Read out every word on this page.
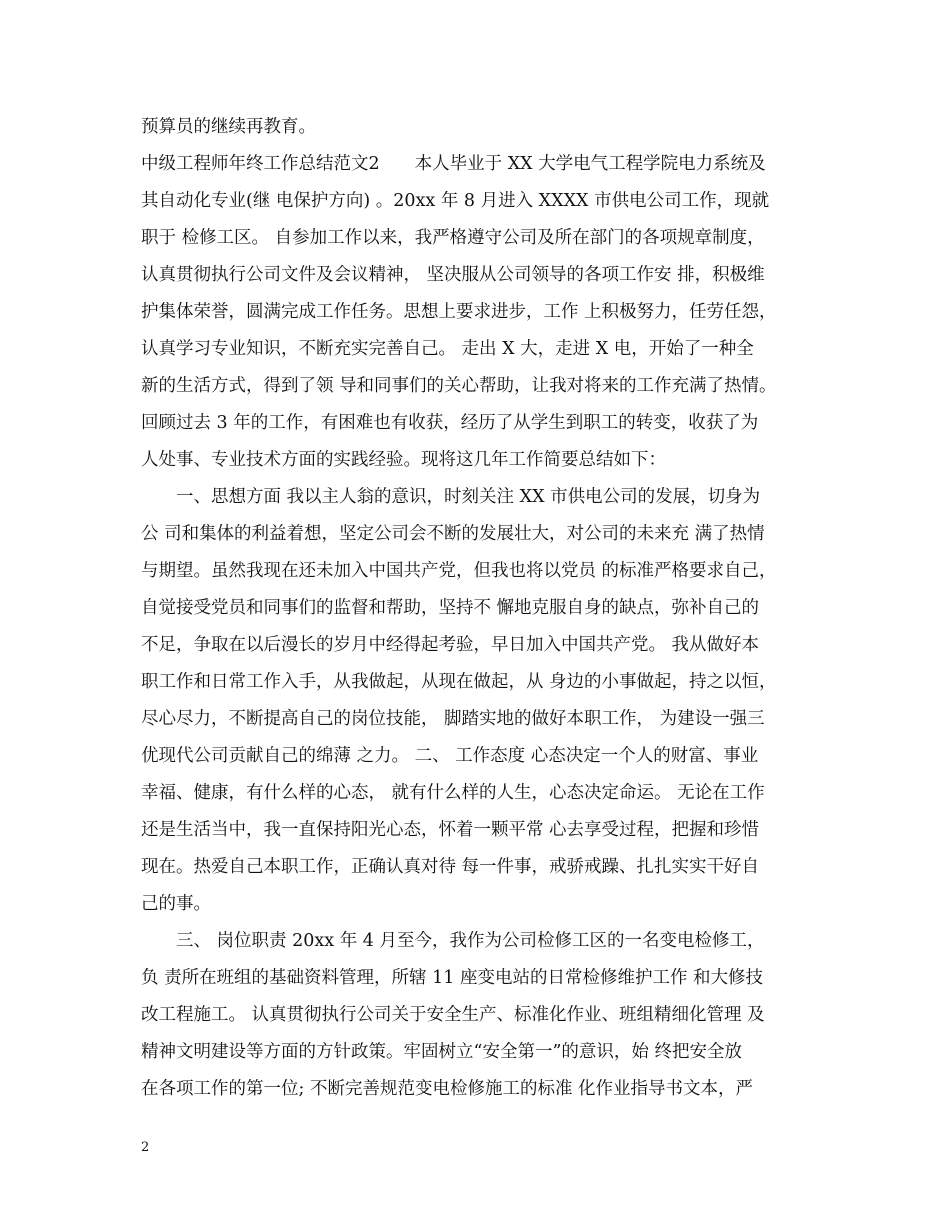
预算员的继续再教育。
中级工程师年终工作总结范文2　　本人毕业于 XX 大学电气工程学院电力系统及
其自动化专业(继 电保护方向) 。20xx 年 8 月进入 XXXX 市供电公司工作，现就
职于 检修工区。 自参加工作以来，我严格遵守公司及所在部门的各项规章制度，
认真贯彻执行公司文件及会议精神， 坚决服从公司领导的各项工作安 排，积极维
护集体荣誉，圆满完成工作任务。思想上要求进步，工作 上积极努力，任劳任怨，
认真学习专业知识，不断充实完善自己。 走出 X 大，走进 X 电，开始了一种全
新的生活方式，得到了领 导和同事们的关心帮助，让我对将来的工作充满了热情。
回顾过去 3 年的工作，有困难也有收获，经历了从学生到职工的转变，收获了为
人处事、专业技术方面的实践经验。现将这几年工作简要总结如下：
　　一、思想方面 我以主人翁的意识，时刻关注 XX 市供电公司的发展，切身为
公 司和集体的利益着想，坚定公司会不断的发展壮大，对公司的未来充 满了热情
与期望。虽然我现在还未加入中国共产党，但我也将以党员 的标准严格要求自己，
自觉接受党员和同事们的监督和帮助，坚持不 懈地克服自身的缺点，弥补自己的
不足，争取在以后漫长的岁月中经得起考验，早日加入中国共产党。 我从做好本
职工作和日常工作入手，从我做起，从现在做起，从 身边的小事做起，持之以恒，
尽心尽力，不断提高自己的岗位技能， 脚踏实地的做好本职工作， 为建设一强三
优现代公司贡献自己的绵薄 之力。 二、 工作态度 心态决定一个人的财富、事业
幸福、健康，有什么样的心态， 就有什么样的人生，心态决定命运。 无论在工作
还是生活当中，我一直保持阳光心态，怀着一颗平常 心去享受过程，把握和珍惜
现在。热爱自己本职工作，正确认真对待 每一件事，戒骄戒躁、扎扎实实干好自
己的事。
　　三、 岗位职责 20xx 年 4 月至今，我作为公司检修工区的一名变电检修工，
负 责所在班组的基础资料管理，所辖 11 座变电站的日常检修维护工作 和大修技
改工程施工。 认真贯彻执行公司关于安全生产、标准化作业、班组精细化管理 及
精神文明建设等方面的方针政策。牢固树立“安全第一”的意识，始 终把安全放
在各项工作的第一位; 不断完善规范变电检修施工的标准 化作业指导书文本，严
2
